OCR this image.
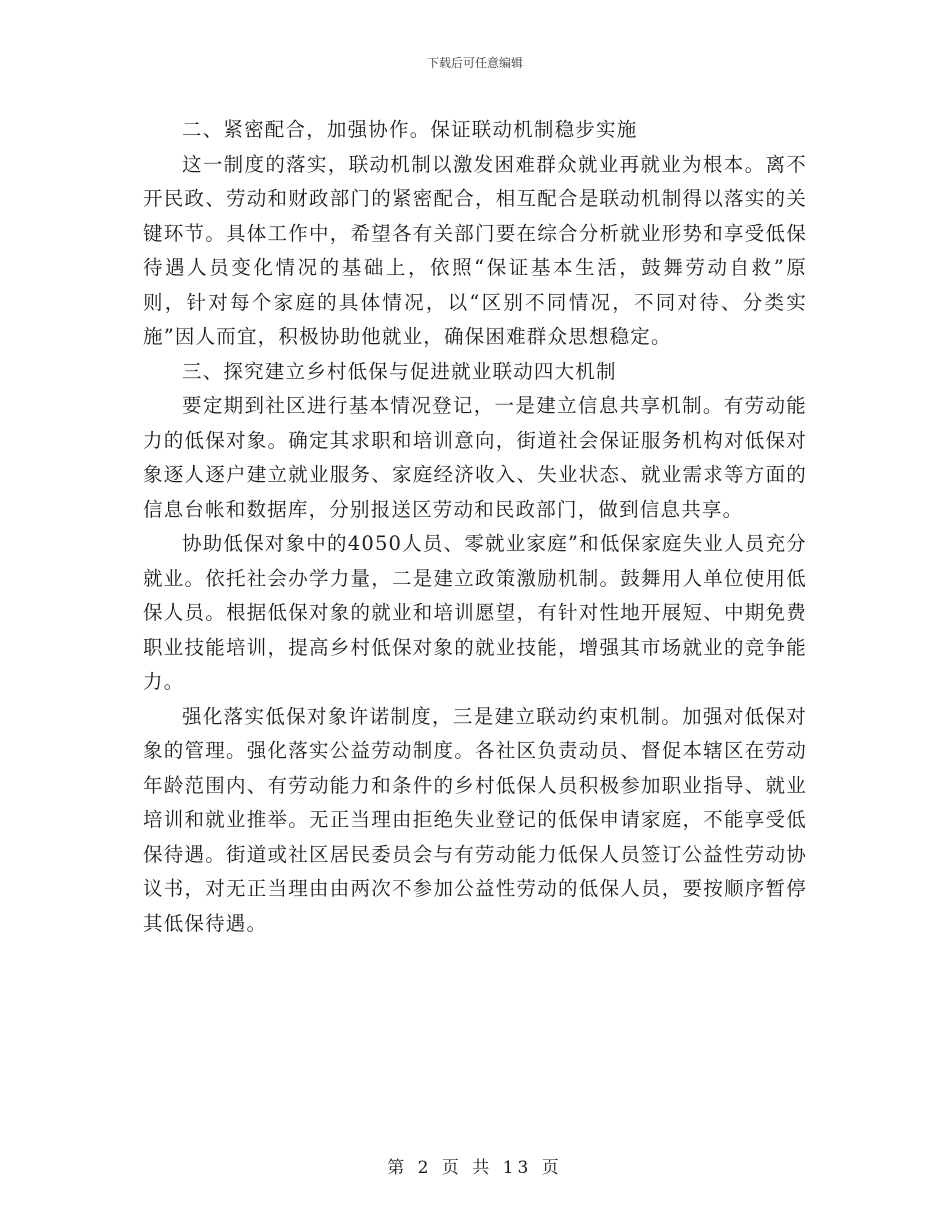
下载后可任意编辑

二、紧密配合，加强协作。保证联动机制稳步实施

这一制度的落实，联动机制以激发困难群众就业再就业为根本。离不开民政、劳动和财政部门的紧密配合，相互配合是联动机制得以落实的关键环节。具体工作中，希望各有关部门要在综合分析就业形势和享受低保待遇人员变化情况的基础上，依照“保证基本生活，鼓舞劳动自救”原则，针对每个家庭的具体情况，以“区别不同情况，不同对待、分类实施”因人而宜，积极协助他就业，确保困难群众思想稳定。

三、探究建立乡村低保与促进就业联动四大机制

要定期到社区进行基本情况登记，一是建立信息共享机制。有劳动能力的低保对象。确定其求职和培训意向，街道社会保证服务机构对低保对象逐人逐户建立就业服务、家庭经济收入、失业状态、就业需求等方面的信息台帐和数据库，分别报送区劳动和民政部门，做到信息共享。

协助低保对象中的4050人员、零就业家庭”和低保家庭失业人员充分就业。依托社会办学力量，二是建立政策激励机制。鼓舞用人单位使用低保人员。根据低保对象的就业和培训愿望，有针对性地开展短、中期免费职业技能培训，提高乡村低保对象的就业技能，增强其市场就业的竞争能力。

强化落实低保对象许诺制度，三是建立联动约束机制。加强对低保对象的管理。强化落实公益劳动制度。各社区负责动员、督促本辖区在劳动年龄范围内、有劳动能力和条件的乡村低保人员积极参加职业指导、就业培训和就业推举。无正当理由拒绝失业登记的低保申请家庭，不能享受低保待遇。街道或社区居民委员会与有劳动能力低保人员签订公益性劳动协议书，对无正当理由由两次不参加公益性劳动的低保人员，要按顺序暂停其低保待遇。

第 2 页 共 13 页
